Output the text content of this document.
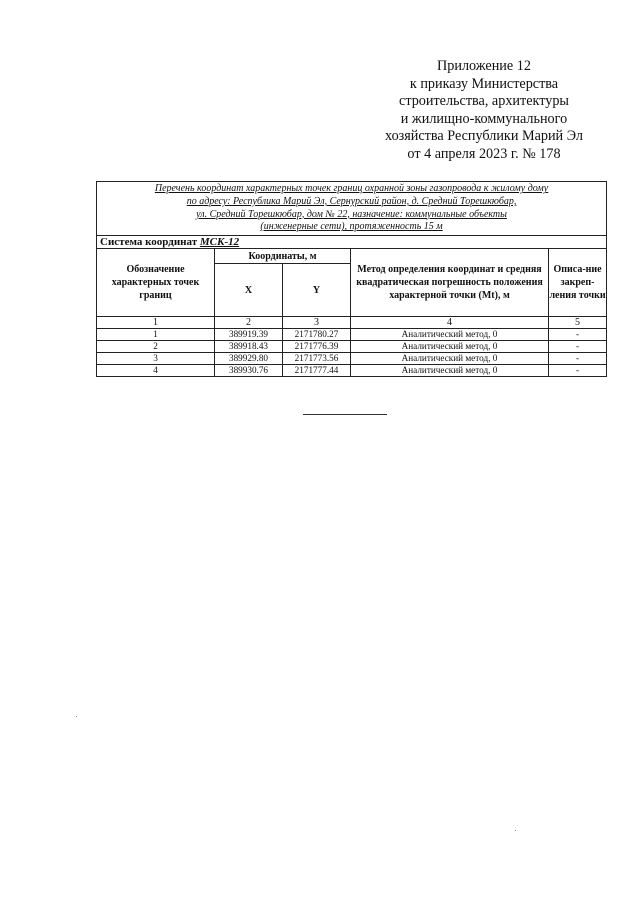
Приложение 12
к приказу Министерства
строительства, архитектуры
и жилищно-коммунального
хозяйства Республики Марий Эл
от 4 апреля 2023 г. № 178
Перечень координат характерных точек границ охранной зоны газопровода к жилому дому
по адресу: Республика Марий Эл, Сернурский район, д. Средний Торешкюбар,
ул. Средний Торешкюбар, дом № 22, назначение: коммунальные объекты
(инженерные сети), протяженность 15 м				

Система координат МСК-12				
Обозначение характерных точек границ	Координаты, м		Метод определения координат и средняя квадратическая погрешность положения характерной точки (Mt), м	Описа-ние закреп-ления точки
	X	Y		
1	2	3	4	5
1	389919.39	2171780.27	Аналитический метод, 0	-
2	389918.43	2171776.39	Аналитический метод, 0	-
3	389929.80	2171773.56	Аналитический метод, 0	-
4	389930.76	2171777.44	Аналитический метод, 0	-
